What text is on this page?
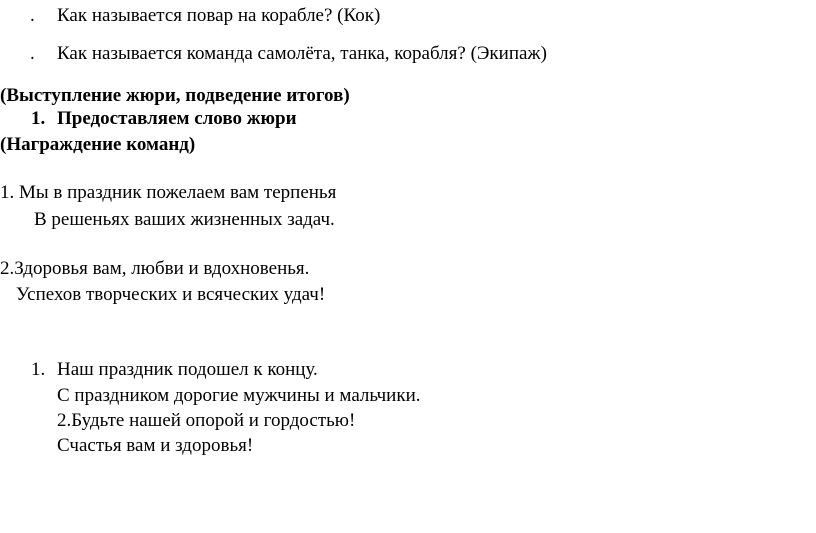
. Как называется повар на корабле? (Кок)
. Как называется команда самолёта, танка, корабля? (Экипаж)
(Выступление жюри, подведение итогов)
1. Предоставляем слово жюри
(Награждение команд)
1. Мы в праздник пожелаем вам терпенья
В решеньях ваших жизненных задач.
2.Здоровья вам, любви и вдохновенья.
Успехов творческих и всяческих удач!
1. Наш праздник подошел к концу.
С праздником дорогие мужчины и мальчики.
2.Будьте нашей опорой и гордостью!
Счастья вам и здоровья!
